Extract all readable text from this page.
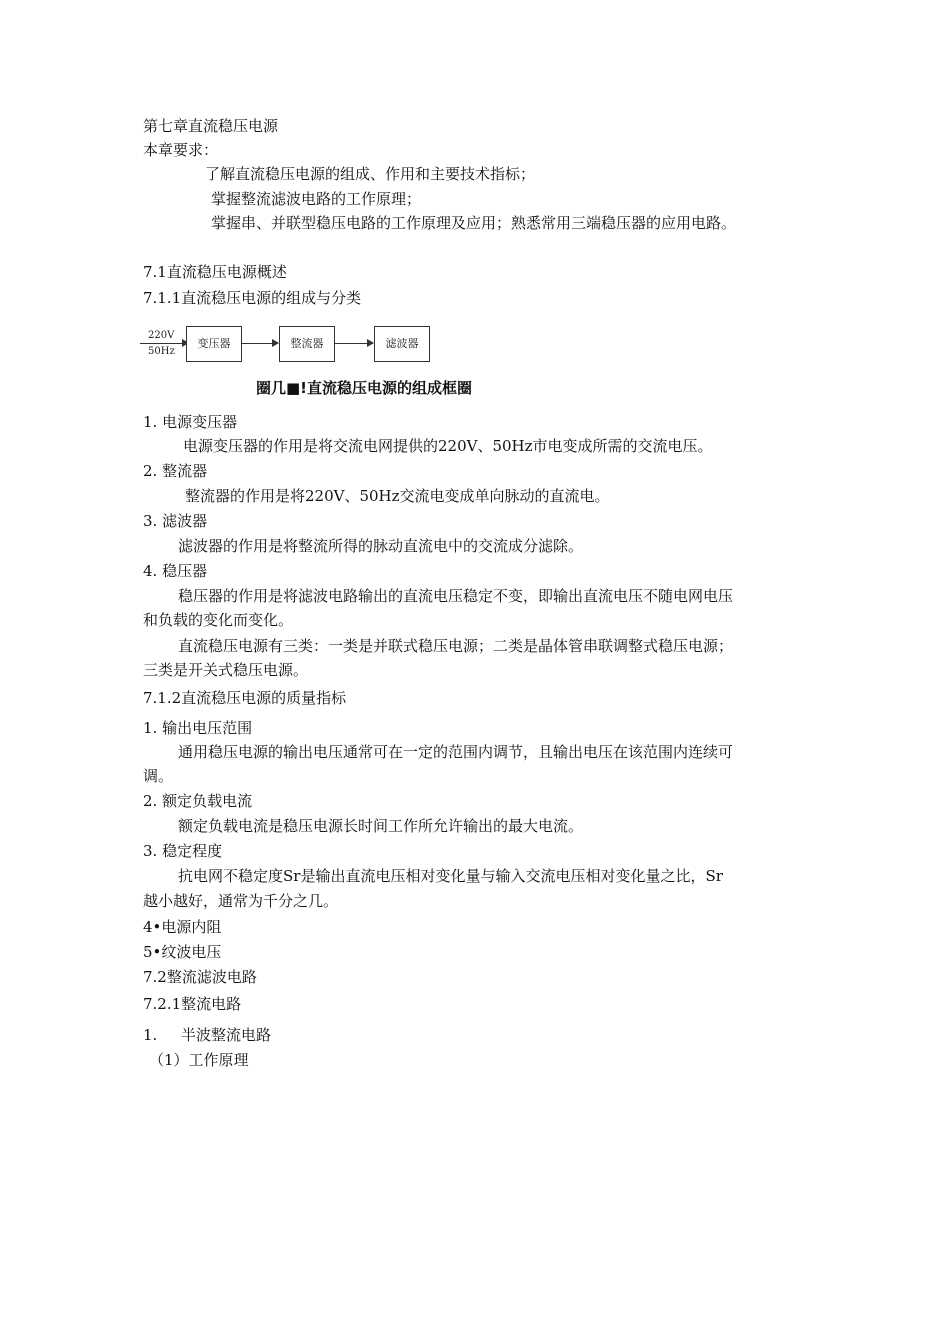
第七章直流稳压电源
本章要求：
了解直流稳压电源的组成、作用和主要技术指标；
掌握整流滤波电路的工作原理；
掌握串、并联型稳压电路的工作原理及应用；熟悉常用三端稳压器的应用电路。
7.1直流稳压电源概述
7.1.1直流稳压电源的组成与分类
220V
50Hz
变压器	整流器	滤波器
圈几■!直流稳压电源的组成框圈
1. 电源变压器
电源变压器的作用是将交流电网提供的220V、50Hz市电变成所需的交流电压。
2. 整流器
整流器的作用是将220V、50Hz交流电变成单向脉动的直流电。
3. 滤波器
滤波器的作用是将整流所得的脉动直流电中的交流成分滤除。
4. 稳压器
稳压器的作用是将滤波电路输出的直流电压稳定不变，即输出直流电压不随电网电压
和负载的变化而变化。
直流稳压电源有三类：一类是并联式稳压电源；二类是晶体管串联调整式稳压电源；
三类是开关式稳压电源。
7.1.2直流稳压电源的质量指标
1. 输出电压范围
通用稳压电源的输出电压通常可在一定的范围内调节，且输出电压在该范围内连续可
调。
2. 额定负载电流
额定负载电流是稳压电源长时间工作所允许输出的最大电流。
3. 稳定程度
抗电网不稳定度Sr是输出直流电压相对变化量与输入交流电压相对变化量之比，Sr
越小越好，通常为千分之几。
4•电源内阻
5•纹波电压
7.2整流滤波电路
7.2.1整流电路
1. 半波整流电路
（1）工作原理
